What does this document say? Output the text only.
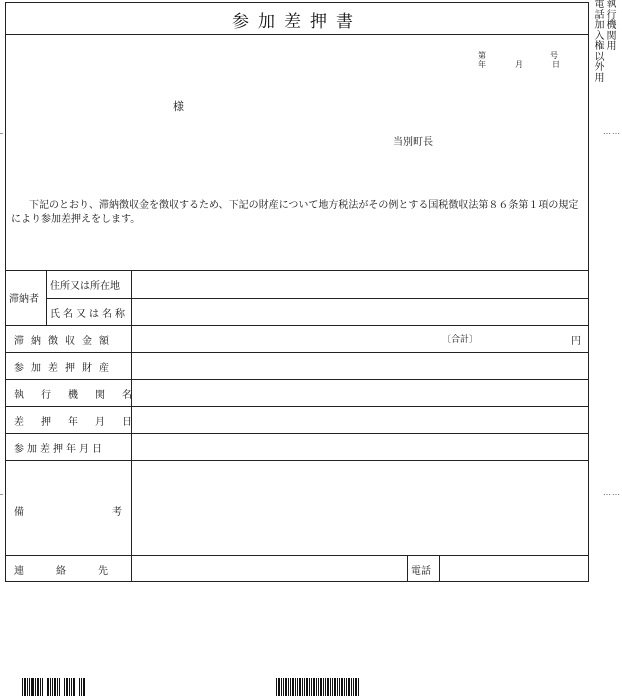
参加差押書
第	号
年	月	日
様
当別町長
下記のとおり、滞納徴収金を徴収するため、下記の財産について地方税法がその例とする国税徴収法第８６条第１項の規定により参加差押えをします。
滞納者
住所又は所在地
氏名又は名称
滞納徴収金額	〔合計〕	円
参加差押財産
執行機関名
差押年月日
参加差押年月日
備考
連絡先	電話
執行機関用
電話加入権以外用
……
……
